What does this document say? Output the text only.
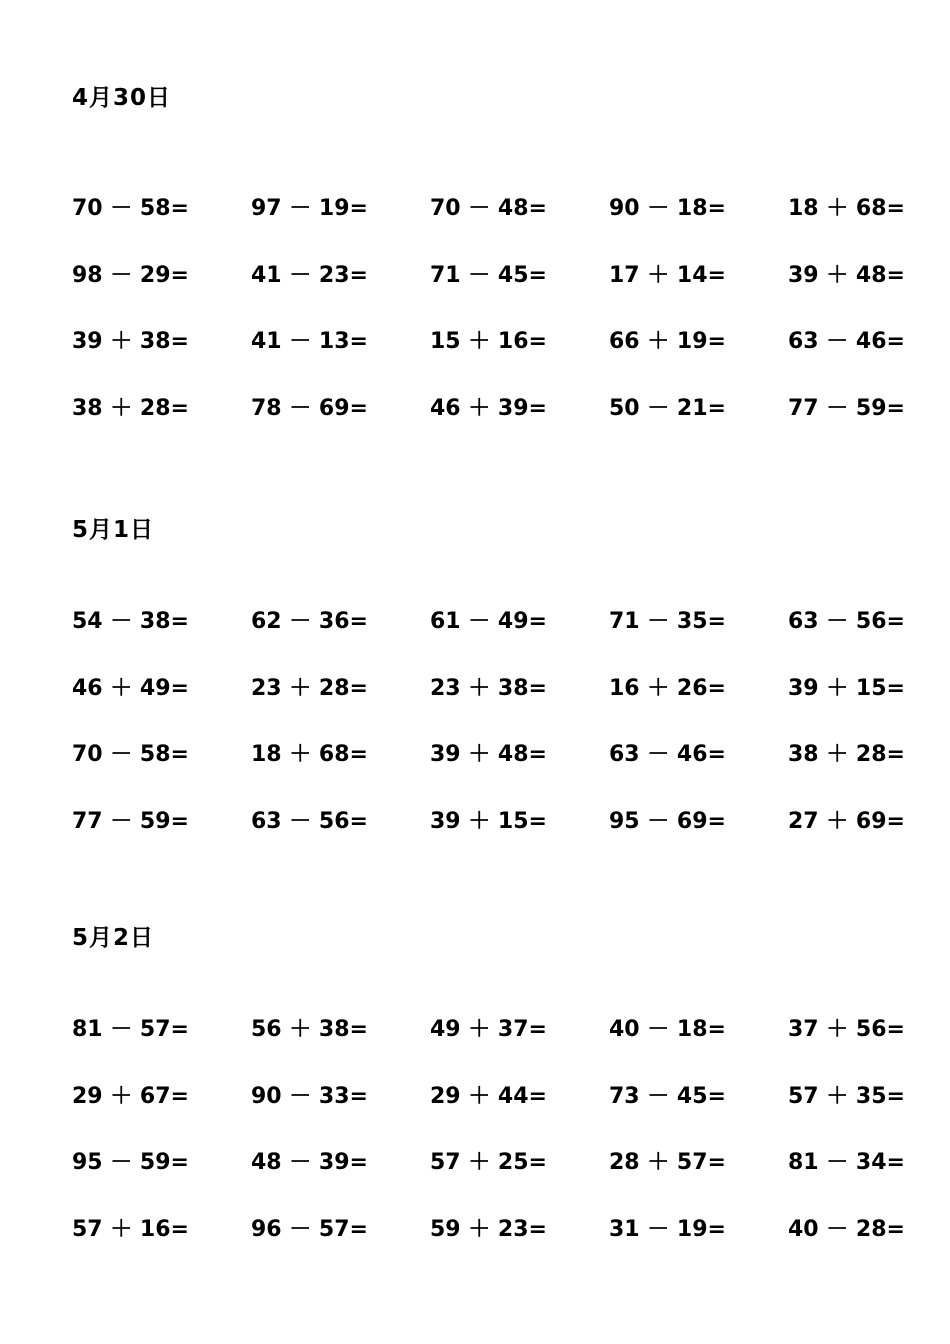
4月30日
70 － 58=	97 － 19=	70 － 48=	90 － 18=	18 ＋ 68=
98 － 29=	41 － 23=	71 － 45=	17 ＋ 14=	39 ＋ 48=
39 ＋ 38=	41 － 13=	15 ＋ 16=	66 ＋ 19=	63 － 46=
38 ＋ 28=	78 － 69=	46 ＋ 39=	50 － 21=	77 － 59=
5月1日
54 － 38=	62 － 36=	61 － 49=	71 － 35=	63 － 56=
46 ＋ 49=	23 ＋ 28=	23 ＋ 38=	16 ＋ 26=	39 ＋ 15=
70 － 58=	18 ＋ 68=	39 ＋ 48=	63 － 46=	38 ＋ 28=
77 － 59=	63 － 56=	39 ＋ 15=	95 － 69=	27 ＋ 69=
5月2日
81 － 57=	56 ＋ 38=	49 ＋ 37=	40 － 18=	37 ＋ 56=
29 ＋ 67=	90 － 33=	29 ＋ 44=	73 － 45=	57 ＋ 35=
95 － 59=	48 － 39=	57 ＋ 25=	28 ＋ 57=	81 － 34=
57 ＋ 16=	96 － 57=	59 ＋ 23=	31 － 19=	40 － 28=
